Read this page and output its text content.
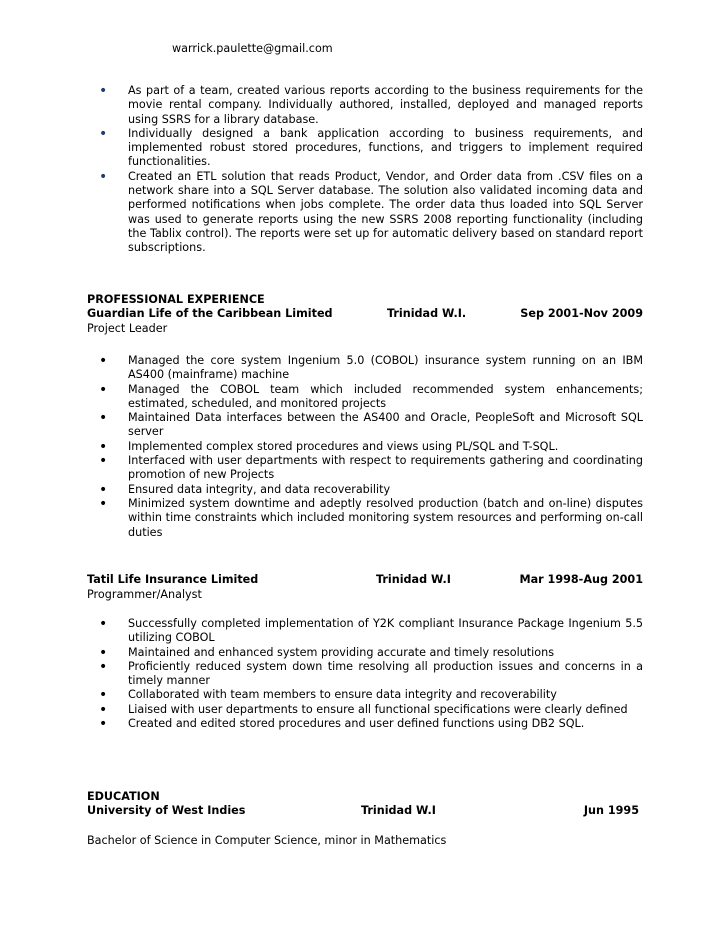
warrick.paulette@gmail.com
• As part of a team, created various reports according to the business requirements for the movie rental company. Individually authored, installed, deployed and managed reports using SSRS for a library database.
• Individually designed a bank application according to business requirements, and implemented robust stored procedures, functions, and triggers to implement required functionalities.
• Created an ETL solution that reads Product, Vendor, and Order data from .CSV files on a network share into a SQL Server database. The solution also validated incoming data and performed notifications when jobs complete. The order data thus loaded into SQL Server was used to generate reports using the new SSRS 2008 reporting functionality (including the Tablix control). The reports were set up for automatic delivery based on standard report subscriptions.
PROFESSIONAL EXPERIENCE
Guardian Life of the Caribbean Limited	Trinidad W.I.	Sep 2001-Nov 2009
Project Leader
• Managed the core system Ingenium 5.0 (COBOL) insurance system running on an IBM AS400 (mainframe) machine
• Managed the COBOL team which included recommended system enhancements; estimated, scheduled, and monitored projects
• Maintained Data interfaces between the AS400 and Oracle, PeopleSoft and Microsoft SQL server
• Implemented complex stored procedures and views using PL/SQL and T-SQL.
• Interfaced with user departments with respect to requirements gathering and coordinating promotion of new Projects
• Ensured data integrity, and data recoverability
• Minimized system downtime and adeptly resolved production (batch and on-line) disputes within time constraints which included monitoring system resources and performing on-call duties
Tatil Life Insurance Limited	Trinidad W.I	Mar 1998-Aug 2001
Programmer/Analyst
• Successfully completed implementation of Y2K compliant Insurance Package Ingenium 5.5 utilizing COBOL
• Maintained and enhanced system providing accurate and timely resolutions
• Proficiently reduced system down time resolving all production issues and concerns in a timely manner
• Collaborated with team members to ensure data integrity and recoverability
• Liaised with user departments to ensure all functional specifications were clearly defined
• Created and edited stored procedures and user defined functions using DB2 SQL.
EDUCATION
University of West Indies	Trinidad W.I	Jun 1995
Bachelor of Science in Computer Science, minor in Mathematics
